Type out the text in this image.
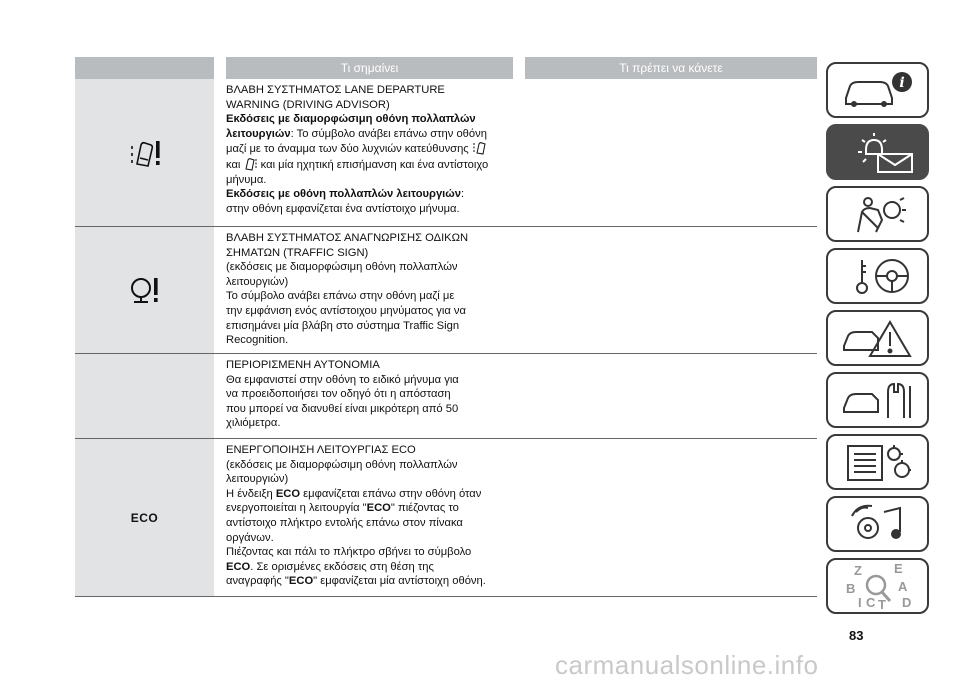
Τι σημαίνει	Τι πρέπει να κάνετε

ΒΛΑΒΗ ΣΥΣΤΗΜΑΤΟΣ LANE DEPARTURE

WARNING (DRIVING ADVISOR)

Εκδόσεις με διαμορφώσιμη οθόνη πολλαπλών

λειτουργιών: Το σύμβολο ανάβει επάνω στην οθόνη

μαζί με το άναμμα των δύο λυχνιών κατεύθυνσης

και και μία ηχητική επισήμανση και ένα αντίστοιχο

μήνυμα.

Εκδόσεις με οθόνη πολλαπλών λειτουργιών:

στην οθόνη εμφανίζεται ένα αντίστοιχο μήνυμα.

ΒΛΑΒΗ ΣΥΣΤΗΜΑΤΟΣ ΑΝΑΓΝΩΡΙΣΗΣ ΟΔΙΚΩΝ

ΣΗΜΑΤΩΝ (TRAFFIC SIGN)

(εκδόσεις με διαμορφώσιμη οθόνη πολλαπλών

λειτουργιών)

Το σύμβολο ανάβει επάνω στην οθόνη μαζί με

την εμφάνιση ενός αντίστοιχου μηνύματος για να

επισημάνει μία βλάβη στο σύστημα Traffic Sign

Recognition.

ΠΕΡΙΟΡΙΣΜΕΝΗ ΑΥΤΟΝΟΜΙΑ

Θα εμφανιστεί στην οθόνη το ειδικό μήνυμα για

να προειδοποιήσει τον οδηγό ότι η απόσταση

που μπορεί να διανυθεί είναι μικρότερη από 50

χιλιόμετρα.

ECO

ΕΝΕΡΓΟΠΟΙΗΣΗ ΛΕΙΤΟΥΡΓΙΑΣ ECO

(εκδόσεις με διαμορφώσιμη οθόνη πολλαπλών

λειτουργιών)

Η ένδειξη ECO εμφανίζεται επάνω στην οθόνη όταν

ενεργοποιείται η λειτουργία "ECO" πιέζοντας το

αντίστοιχο πλήκτρο εντολής επάνω στον πίνακα

οργάνων.

Πιέζοντας και πάλι το πλήκτρο σβήνει το σύμβολο

ECO. Σε ορισμένες εκδόσεις στη θέση της

αναγραφής "ECO" εμφανίζεται μία αντίστοιχη οθόνη.

i
Z E
B	A
I C T D
83
carmanualsonline.info
